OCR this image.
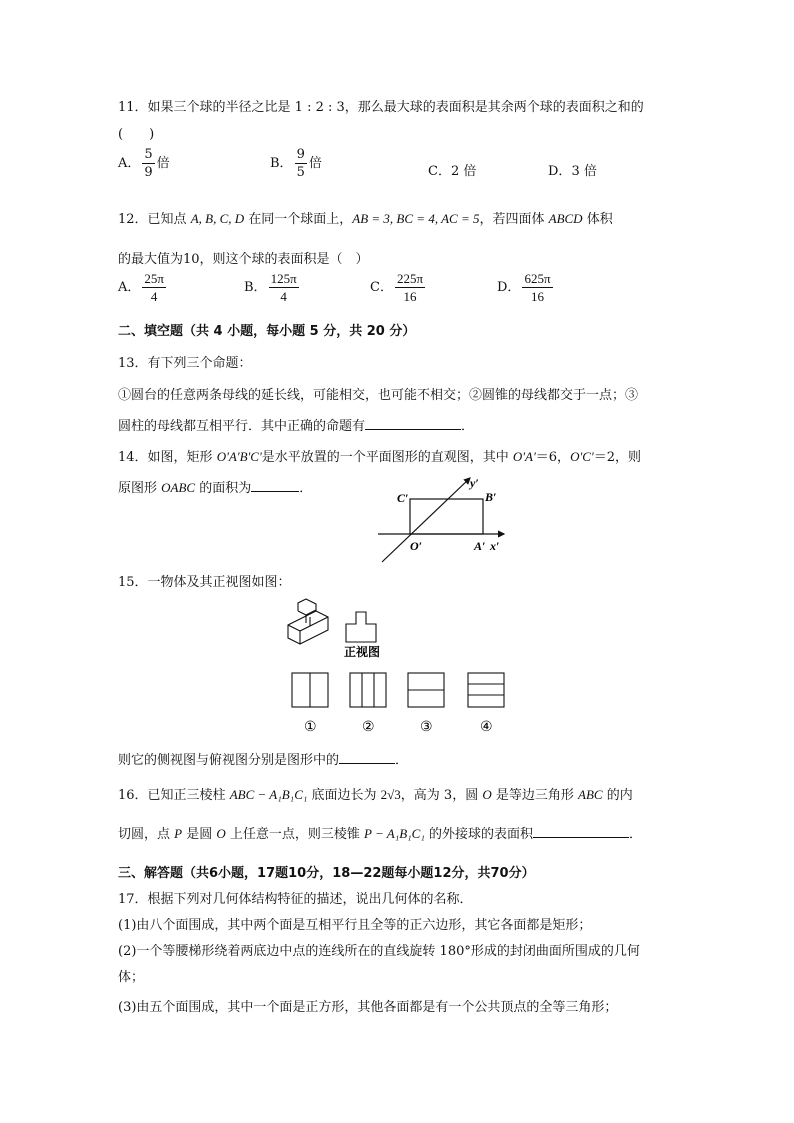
11．如果三个球的半径之比是 1 : 2 : 3，那么最大球的表面积是其余两个球的表面积之和的
(　　)
A． $\frac{5}{9}$ 倍	B． $\frac{9}{5}$ 倍
C．2 倍	D．3 倍
12．已知点 A, B, C, D 在同一个球面上，AB = 3, BC = 4, AC = 5，若四面体 ABCD 体积
的最大值为10，则这个球的表面积是（　）
A． $\frac{25\pi}{4}$	B． $\frac{125\pi}{4}$	C． $\frac{225\pi}{16}$	D． $\frac{625\pi}{16}$
二、填空题（共 4 小题，每小题 5 分，共 20 分）
13．有下列三个命题：
①圆台的任意两条母线的延长线，可能相交，也可能不相交；②圆锥的母线都交于一点；③
圆柱的母线都互相平行．其中正确的命题有	．
14．如图，矩形 O'A'B'C'是水平放置的一个平面图形的直观图，其中 O'A'＝6，O'C'＝2，则
原图形 OABC 的面积为	．
C′	B′
y′
O′	A′ x′
15．一物体及其正视图如图：
正视图
①	②	③	④
则它的侧视图与俯视图分别是图形中的	．
16．已知正三棱柱 ABC − A₁B₁C₁ 底面边长为 2√3，高为 3，圆 O 是等边三角形 ABC 的内
切圆，点 P 是圆 O 上任意一点，则三棱锥 P − A₁B₁C₁ 的外接球的表面积	．
三、解答题（共6小题，17题10分，18—22题每小题12分，共70分）
17．根据下列对几何体结构特征的描述，说出几何体的名称．
(1)由八个面围成，其中两个面是互相平行且全等的正六边形，其它各面都是矩形；
(2)一个等腰梯形绕着两底边中点的连线所在的直线旋转 180°形成的封闭曲面所围成的几何
体；
(3)由五个面围成，其中一个面是正方形，其他各面都是有一个公共顶点的全等三角形；
